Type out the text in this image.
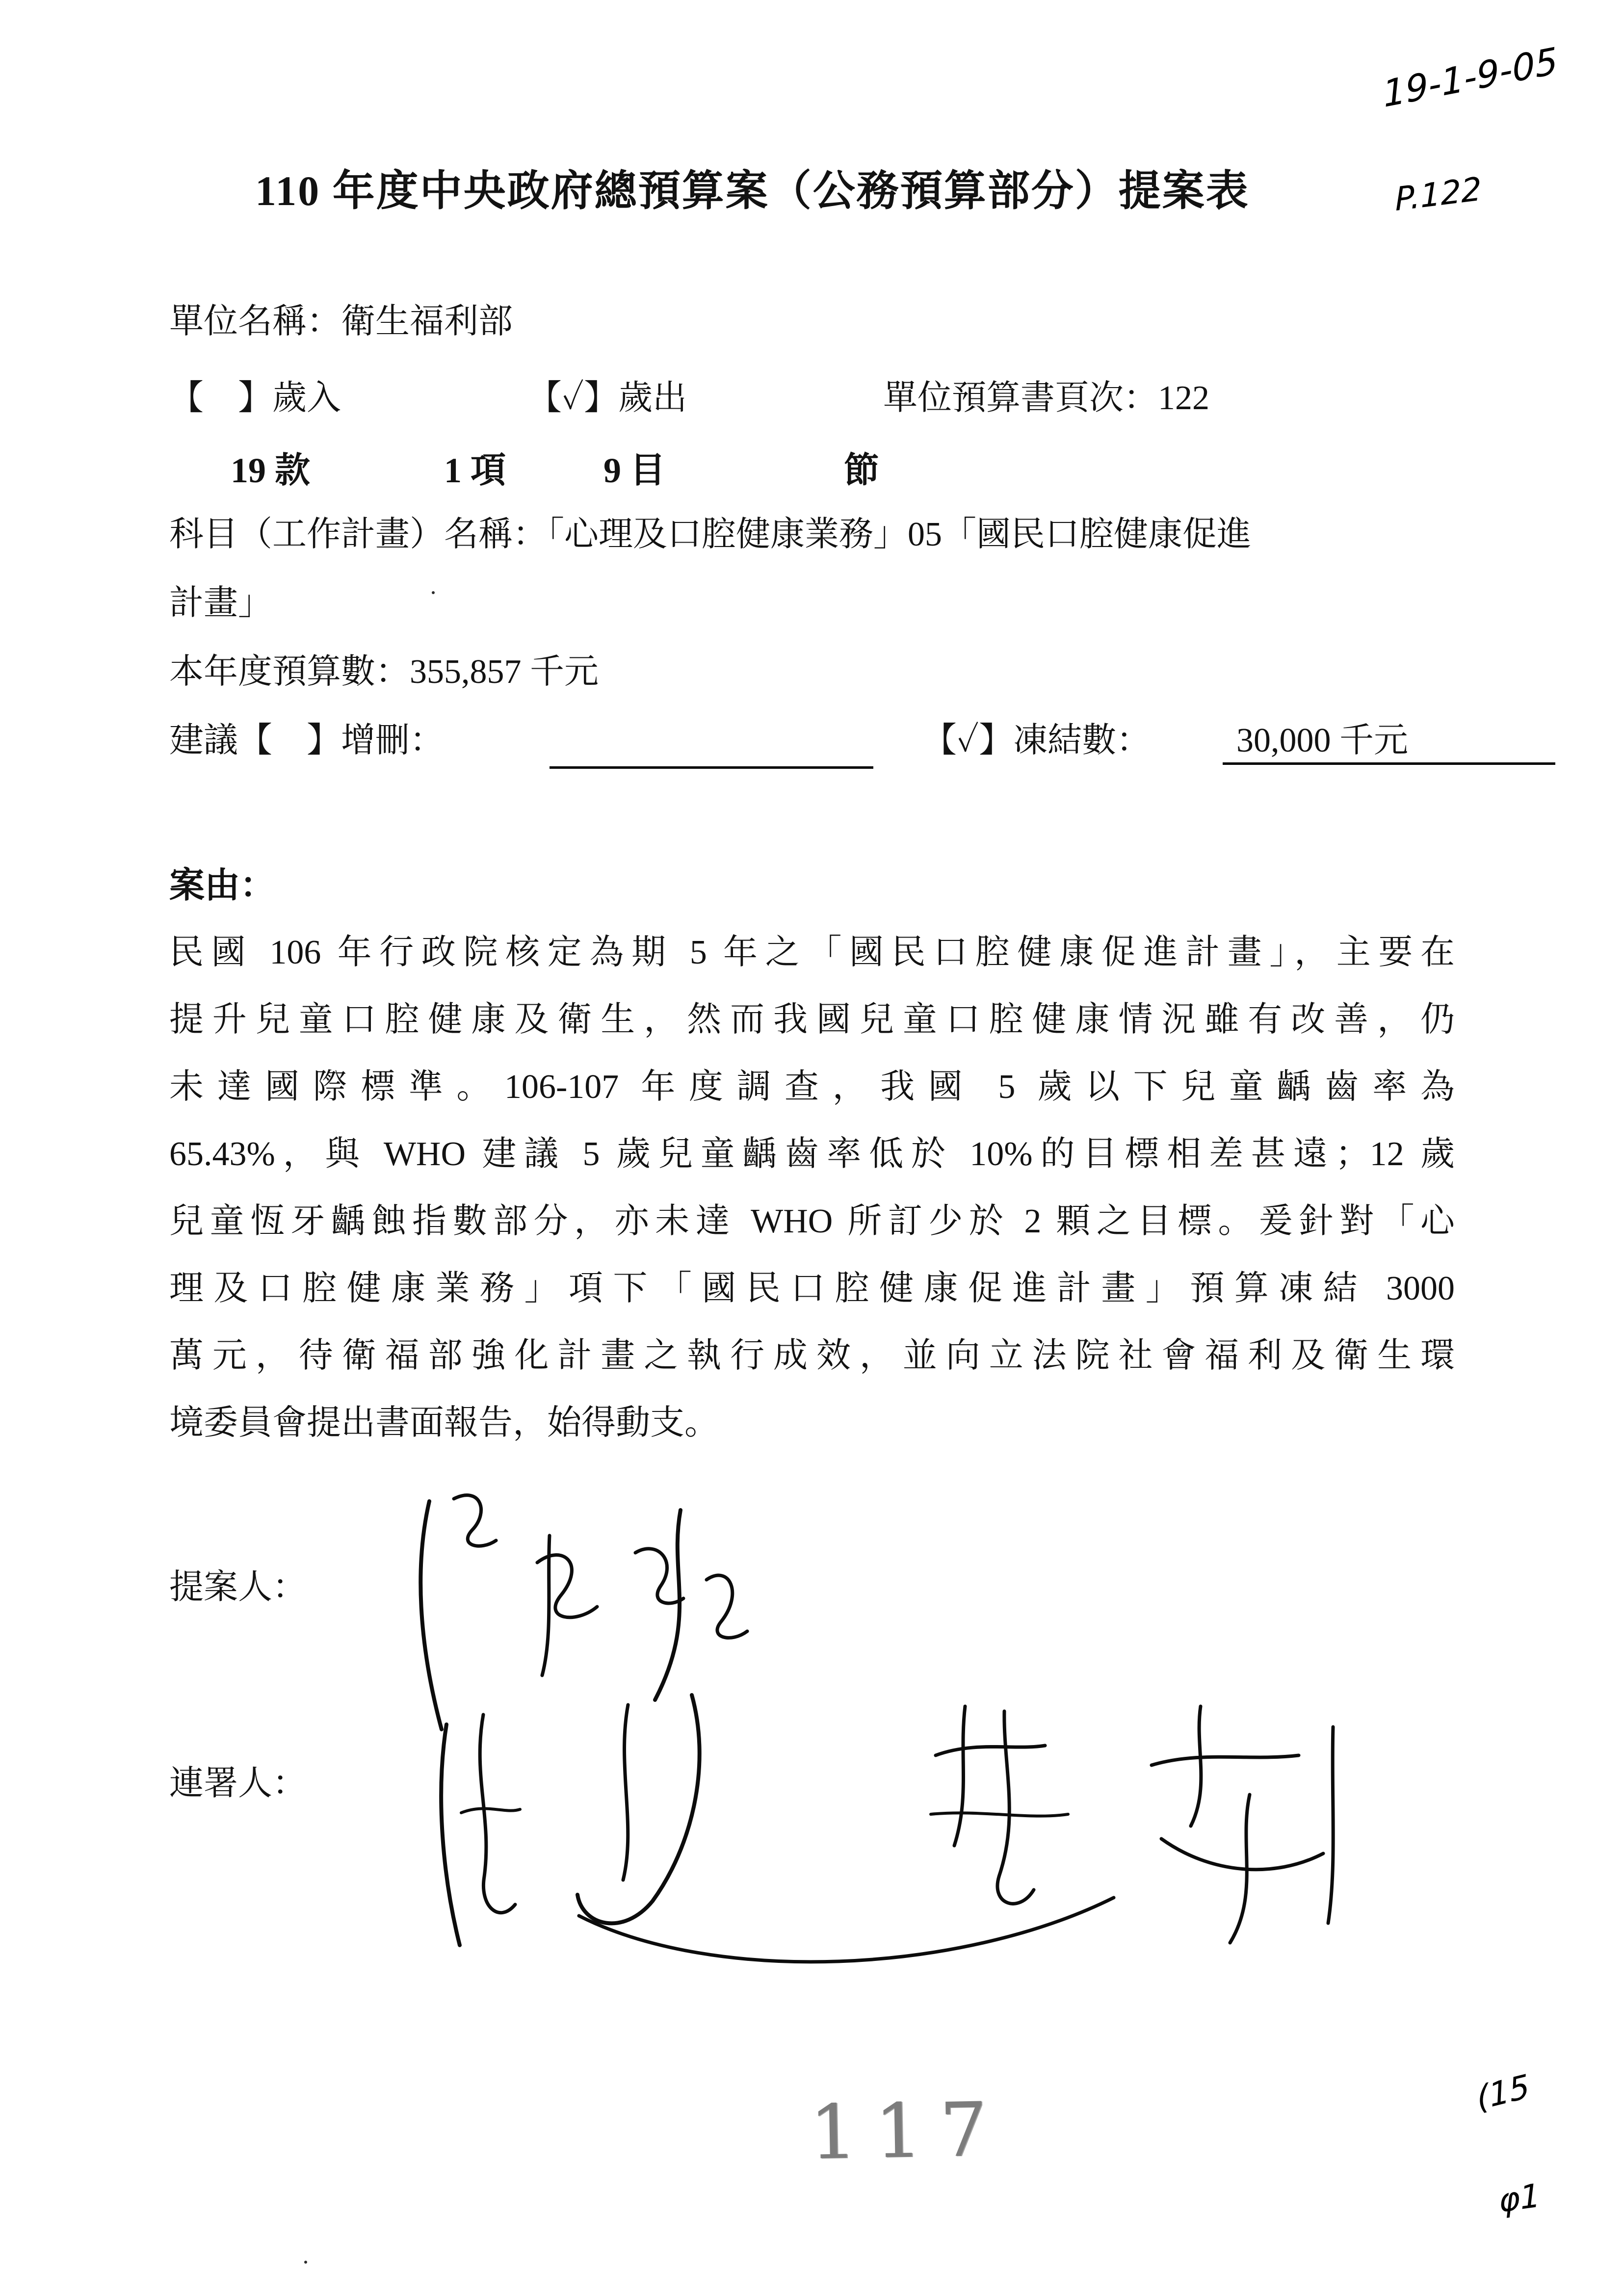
19-1-9-05
110 年度中央政府總預算案（公務預算部分）提案表	P.122
單位名稱：衛生福利部
【　】歲入	【✓】歲出	單位預算書頁次：122
19 款	1 項	9 目	節
科目（工作計畫）名稱：「心理及口腔健康業務」05「國民口腔健康促進
計畫」
本年度預算數：355,857 千元
建議【　】增刪：	【✓】凍結數：	30,000 千元
案由：
民國 106 年行政院核定為期 5 年之「國民口腔健康促進計畫」，主要在
提升兒童口腔健康及衛生，然而我國兒童口腔健康情況雖有改善，仍
未達國際標準。106-107 年度調查，我國 5 歲以下兒童齲齒率為
65.43%，與 WHO 建議 5 歲兒童齲齒率低於 10%的目標相差甚遠；12 歲
兒童恆牙齲蝕指數部分，亦未達 WHO 所訂少於 2 顆之目標。爰針對「心
理及口腔健康業務」項下「國民口腔健康促進計畫」預算凍結 3000
萬元，待衛福部強化計畫之執行成效，並向立法院社會福利及衛生環
境委員會提出書面報告，始得動支。
提案人：
連署人：
117	(15
φ1
